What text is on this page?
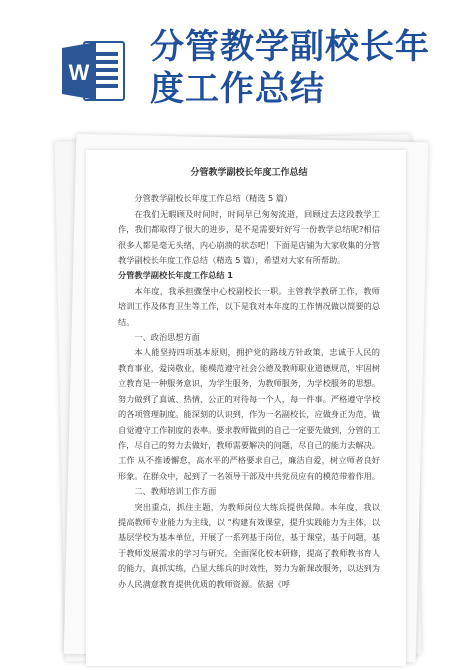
W
分管教学副校长年
度工作总结
分管教学副校长年度工作总结

分管教学副校长年度工作总结（精选 5 篇）

在我们无暇顾及时间时，时间早已匆匆流逝，回顾过去这段教学工作，我们都取得了很大的进步，是不是需要好好写一份教学总结呢?相信很多人都是毫无头绪，内心崩溃的状态吧！下面是店铺为大家收集的分管教学副校长年度工作总结（精选 5 篇），希望对大家有所帮助。

分管教学副校长年度工作总结 1

本年度，我承担骤堡中心校副校长一职。主管教学教研工作，教师培训工作及体育卫生等工作，以下是我对本年度的工作情况做以简要的总结。

一、政治思想方面

本人能坚持四项基本原则，拥护党的路线方针政策，忠诚于人民的教育事业，爱岗敬业，能模范遵守社会公德及教师职业道德规范，牢固树立教育是一种服务意识，为学生服务，为教师服务，为学校服务的思想。 努力做到了真诚、热情、公正的对待每一个人，每一件事。严格遵守学校的各项管理制度。能深刻的认识到，作为一名副校长，应做身正为范，做自觉遵守工作制度的表率。要求教师做到的自己一定要先做到，分管的工作，尽自己的努力去做好，教师需要解决的问题，尽自己的能力去解决。工作 从不推诿懈怠，高水平的严格要求自己，廉洁自爱，树立师者良好形象。在群众中，起到了一名领导干部及中共党员应有的模范带着作用。

二、教师培训工作方面

突出重点，抓住主题，为教师岗位大练兵提供保障。本年度，我以提高教师专业能力为主线，以 “构建有效课堂，提升实践能力为主体，以基层学校为基本单位，开展了一系列基于岗位，基于课堂，基于问题，基于教师发展需求的学习与研究。全面深化校本研修，提高了教师教书育人的能力，真抓实练，凸显大练兵的时效性，努力为新课改服务，以达到为办人民满意教育提供优质的教师资源。依据《呼
